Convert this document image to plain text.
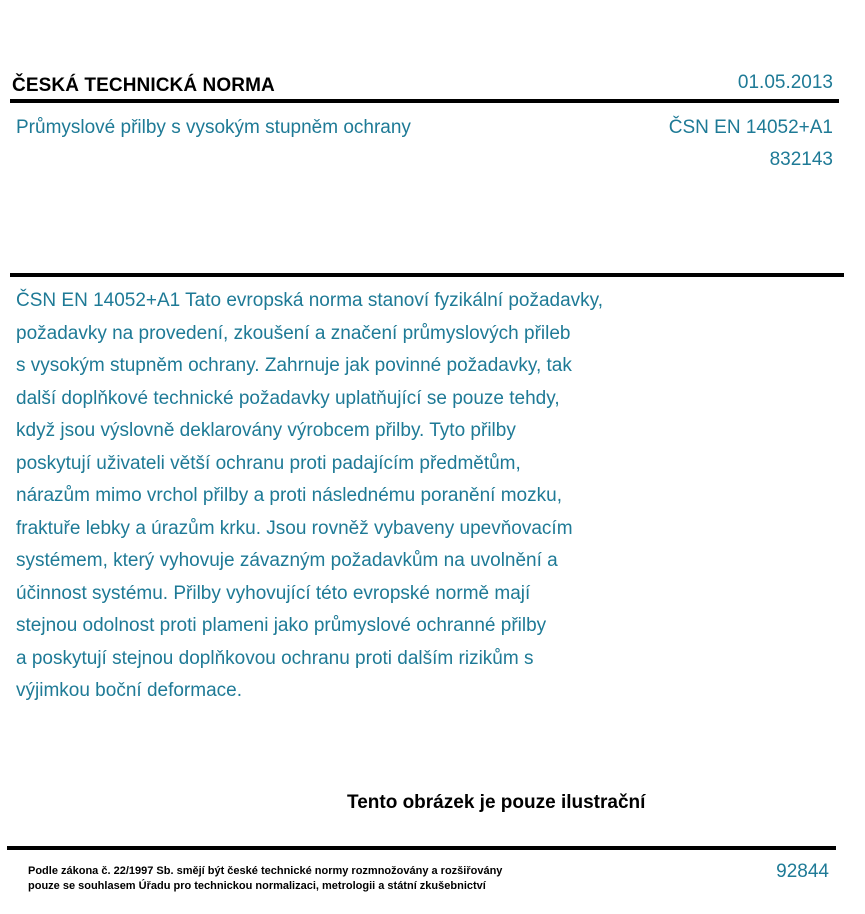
ČESKÁ TECHNICKÁ NORMA	01.05.2013
Průmyslové přilby s vysokým stupněm ochrany	ČSN EN 14052+A1
832143
ČSN EN 14052+A1 Tato evropská norma stanoví fyzikální požadavky,
požadavky na provedení, zkoušení a značení průmyslových přileb
s vysokým stupněm ochrany. Zahrnuje jak povinné požadavky, tak
další doplňkové technické požadavky uplatňující se pouze tehdy,
když jsou výslovně deklarovány výrobcem přilby. Tyto přilby
poskytují uživateli větší ochranu proti padajícím předmětům,
nárazům mimo vrchol přilby a proti následnému poranění mozku,
fraktuře lebky a úrazům krku. Jsou rovněž vybaveny upevňovacím
systémem, který vyhovuje závazným požadavkům na uvolnění a
účinnost systému. Přilby vyhovující této evropské normě mají
stejnou odolnost proti plameni jako průmyslové ochranné přilby
a poskytují stejnou doplňkovou ochranu proti dalším rizikům s
výjimkou boční deformace.
Tento obrázek je pouze ilustrační
Podle zákona č. 22/1997 Sb. smějí být české technické normy rozmnožovány a rozšiřovány
pouze se souhlasem Úřadu pro technickou normalizaci, metrologii a státní zkušebnictví
92844
